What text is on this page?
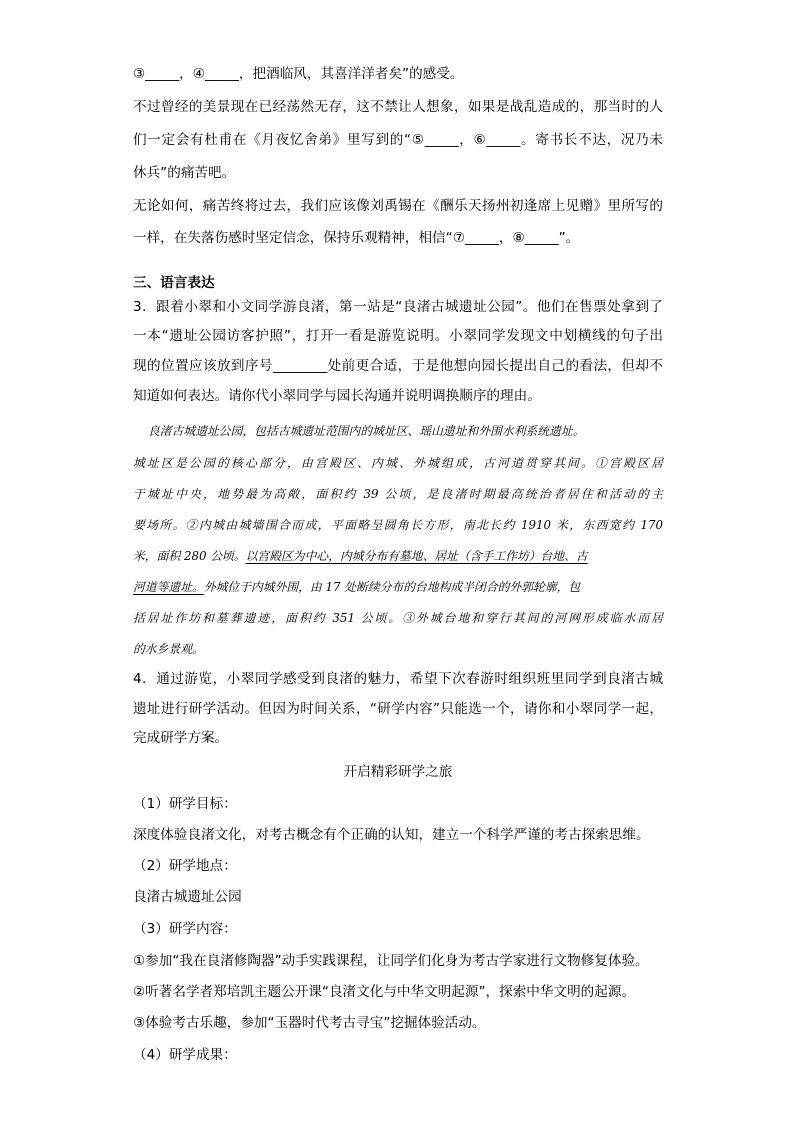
③_____，④_____，把酒临风，其喜洋洋者矣”的感受。
不过曾经的美景现在已经荡然无存，这不禁让人想象，如果是战乱造成的，那当时的人
们一定会有杜甫在《月夜忆舍弟》里写到的“⑤_____，⑥_____。寄书长不达，况乃未
休兵”的痛苦吧。
无论如何，痛苦终将过去，我们应该像刘禹锡在《酬乐天扬州初逢席上见赠》里所写的
一样，在失落伤感时坚定信念，保持乐观精神，相信“⑦_____，⑧_____”。
三、语言表达
3．跟着小翠和小文同学游良渚，第一站是“良渚古城遗址公园”。他们在售票处拿到了
一本“遗址公园访客护照”，打开一看是游览说明。小翠同学发现文中划横线的句子出
现的位置应该放到序号________处前更合适，于是他想向园长提出自己的看法，但却不
知道如何表达。请你代小翠同学与园长沟通并说明调换顺序的理由。
良渚古城遗址公园，包括古城遗址范围内的城址区、瑶山遗址和外围水利系统遗址。
城址区是公园的核心部分，由宫殿区、内城、外城组成，古河道贯穿其间。①宫殿区居
于城址中央，地势最为高敞，面积约 39 公顷，是良渚时期最高统治者居住和活动的主
要场所。②内城由城墙围合而成，平面略呈圆角长方形，南北长约 1910 米，东西宽约 170
米，面积 280 公顷。以宫殿区为中心，内城分布有墓地、居址（含手工作坊）台地、古
河道等遗址。外城位于内城外围，由 17 处断续分布的台地构成半闭合的外郭轮廓，包
括居址作坊和墓葬遗迹，面积约 351 公顷。③外城台地和穿行其间的河网形成临水而居
的水乡景观。
4．通过游览，小翠同学感受到良渚的魅力，希望下次春游时组织班里同学到良渚古城
遗址进行研学活动。但因为时间关系，“研学内容”只能选一个，请你和小翠同学一起，
完成研学方案。
开启精彩研学之旅
（1）研学目标：
深度体验良渚文化，对考古概念有个正确的认知，建立一个科学严谨的考古探索思维。
（2）研学地点：
良渚古城遗址公园
（3）研学内容：
①参加“我在良渚修陶器”动手实践课程，让同学们化身为考古学家进行文物修复体验。
②听著名学者郑培凯主题公开课“良渚文化与中华文明起源”，探索中华文明的起源。
③体验考古乐趣，参加“玉器时代考古寻宝”挖掘体验活动。
（4）研学成果：
